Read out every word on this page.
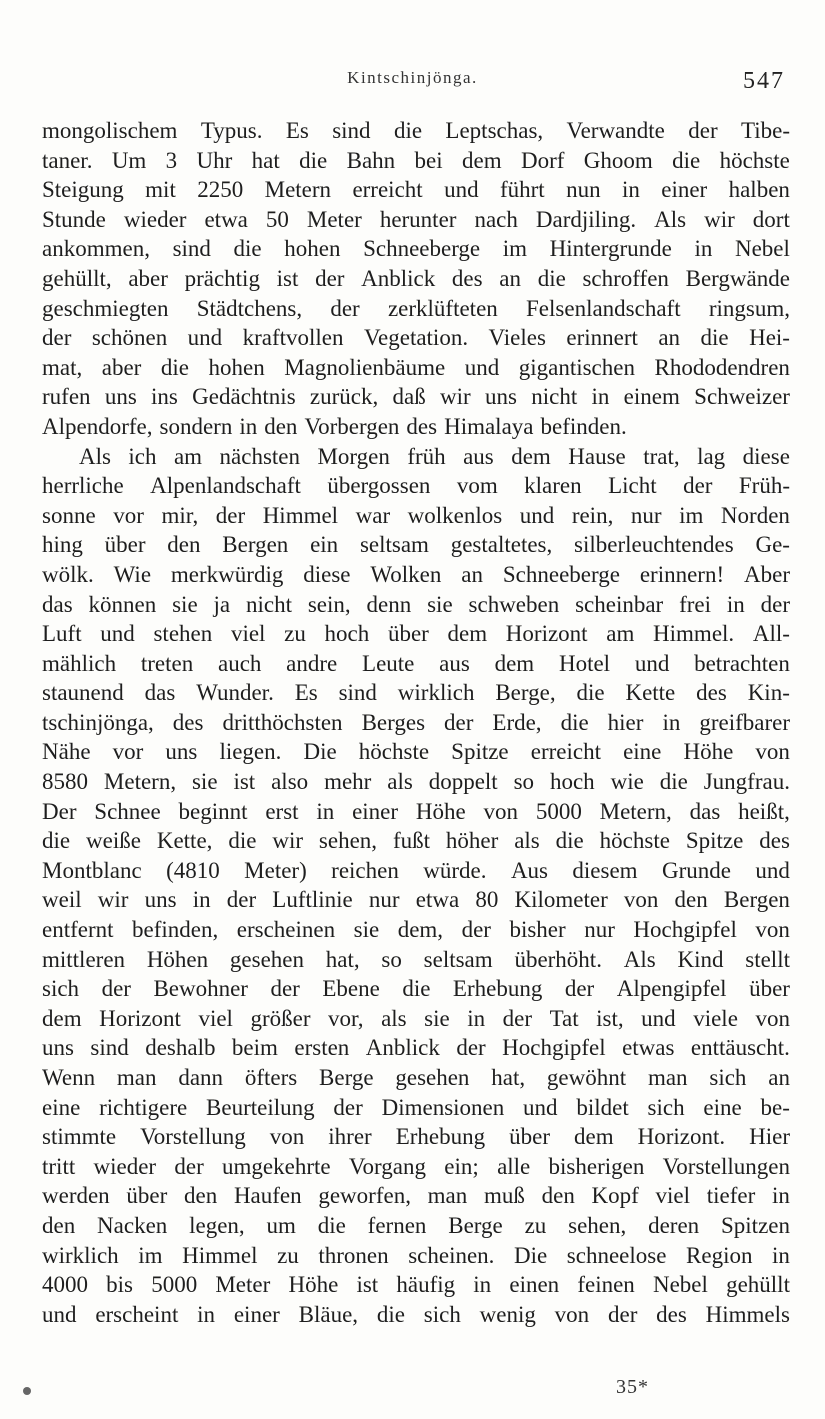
Kintschinjönga.	547
mongolischem Typus. Es sind die Leptschas, Verwandte der Tibe-
taner. Um 3 Uhr hat die Bahn bei dem Dorf Ghoom die höchste
Steigung mit 2250 Metern erreicht und führt nun in einer halben
Stunde wieder etwa 50 Meter herunter nach Dardjiling. Als wir dort
ankommen, sind die hohen Schneeberge im Hintergrunde in Nebel
gehüllt, aber prächtig ist der Anblick des an die schroffen Bergwände
geschmiegten Städtchens, der zerklüfteten Felsenlandschaft ringsum,
der schönen und kraftvollen Vegetation. Vieles erinnert an die Hei-
mat, aber die hohen Magnolienbäume und gigantischen Rhododendren
rufen uns ins Gedächtnis zurück, daß wir uns nicht in einem Schweizer
Alpendorfe, sondern in den Vorbergen des Himalaya befinden.
Als ich am nächsten Morgen früh aus dem Hause trat, lag diese
herrliche Alpenlandschaft übergossen vom klaren Licht der Früh-
sonne vor mir, der Himmel war wolkenlos und rein, nur im Norden
hing über den Bergen ein seltsam gestaltetes, silberleuchtendes Ge-
wölk. Wie merkwürdig diese Wolken an Schneeberge erinnern! Aber
das können sie ja nicht sein, denn sie schweben scheinbar frei in der
Luft und stehen viel zu hoch über dem Horizont am Himmel. All-
mählich treten auch andre Leute aus dem Hotel und betrachten
staunend das Wunder. Es sind wirklich Berge, die Kette des Kin-
tschinjönga, des dritthöchsten Berges der Erde, die hier in greifbarer
Nähe vor uns liegen. Die höchste Spitze erreicht eine Höhe von
8580 Metern, sie ist also mehr als doppelt so hoch wie die Jungfrau.
Der Schnee beginnt erst in einer Höhe von 5000 Metern, das heißt,
die weiße Kette, die wir sehen, fußt höher als die höchste Spitze des
Montblanc (4810 Meter) reichen würde. Aus diesem Grunde und
weil wir uns in der Luftlinie nur etwa 80 Kilometer von den Bergen
entfernt befinden, erscheinen sie dem, der bisher nur Hochgipfel von
mittleren Höhen gesehen hat, so seltsam überhöht. Als Kind stellt
sich der Bewohner der Ebene die Erhebung der Alpengipfel über
dem Horizont viel größer vor, als sie in der Tat ist, und viele von
uns sind deshalb beim ersten Anblick der Hochgipfel etwas enttäuscht.
Wenn man dann öfters Berge gesehen hat, gewöhnt man sich an
eine richtigere Beurteilung der Dimensionen und bildet sich eine be-
stimmte Vorstellung von ihrer Erhebung über dem Horizont. Hier
tritt wieder der umgekehrte Vorgang ein; alle bisherigen Vorstellungen
werden über den Haufen geworfen, man muß den Kopf viel tiefer in
den Nacken legen, um die fernen Berge zu sehen, deren Spitzen
wirklich im Himmel zu thronen scheinen. Die schneelose Region in
4000 bis 5000 Meter Höhe ist häufig in einen feinen Nebel gehüllt
und erscheint in einer Bläue, die sich wenig von der des Himmels
35*
